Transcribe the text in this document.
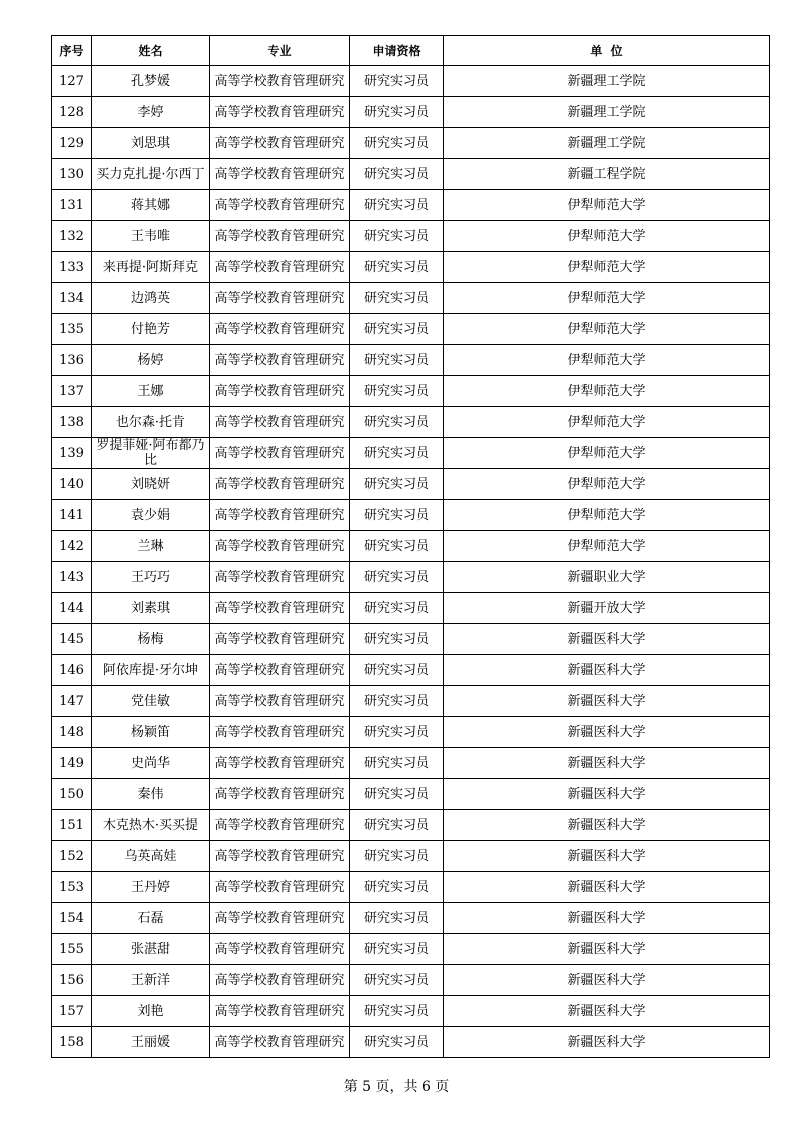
序号	姓名	专业	申请资格	单  位
127	孔梦媛	高等学校教育管理研究	研究实习员	新疆理工学院
128	李婷	高等学校教育管理研究	研究实习员	新疆理工学院
129	刘思琪	高等学校教育管理研究	研究实习员	新疆理工学院
130	买力克扎提·尔西丁	高等学校教育管理研究	研究实习员	新疆工程学院
131	蒋其娜	高等学校教育管理研究	研究实习员	伊犁师范大学
132	王韦唯	高等学校教育管理研究	研究实习员	伊犁师范大学
133	来再提·阿斯拜克	高等学校教育管理研究	研究实习员	伊犁师范大学
134	边鸿英	高等学校教育管理研究	研究实习员	伊犁师范大学
135	付艳芳	高等学校教育管理研究	研究实习员	伊犁师范大学
136	杨婷	高等学校教育管理研究	研究实习员	伊犁师范大学
137	王娜	高等学校教育管理研究	研究实习员	伊犁师范大学
138	也尔森·托肯	高等学校教育管理研究	研究实习员	伊犁师范大学
139	罗提菲娅·阿布都乃比	高等学校教育管理研究	研究实习员	伊犁师范大学
140	刘晓妍	高等学校教育管理研究	研究实习员	伊犁师范大学
141	袁少娟	高等学校教育管理研究	研究实习员	伊犁师范大学
142	兰琳	高等学校教育管理研究	研究实习员	伊犁师范大学
143	王巧巧	高等学校教育管理研究	研究实习员	新疆职业大学
144	刘素琪	高等学校教育管理研究	研究实习员	新疆开放大学
145	杨梅	高等学校教育管理研究	研究实习员	新疆医科大学
146	阿依库提·牙尔坤	高等学校教育管理研究	研究实习员	新疆医科大学
147	党佳敏	高等学校教育管理研究	研究实习员	新疆医科大学
148	杨颖笛	高等学校教育管理研究	研究实习员	新疆医科大学
149	史尚华	高等学校教育管理研究	研究实习员	新疆医科大学
150	秦伟	高等学校教育管理研究	研究实习员	新疆医科大学
151	木克热木·买买提	高等学校教育管理研究	研究实习员	新疆医科大学
152	乌英高娃	高等学校教育管理研究	研究实习员	新疆医科大学
153	王丹婷	高等学校教育管理研究	研究实习员	新疆医科大学
154	石磊	高等学校教育管理研究	研究实习员	新疆医科大学
155	张湛甜	高等学校教育管理研究	研究实习员	新疆医科大学
156	王新洋	高等学校教育管理研究	研究实习员	新疆医科大学
157	刘艳	高等学校教育管理研究	研究实习员	新疆医科大学
158	王丽媛	高等学校教育管理研究	研究实习员	新疆医科大学
第 5 页，共 6 页
